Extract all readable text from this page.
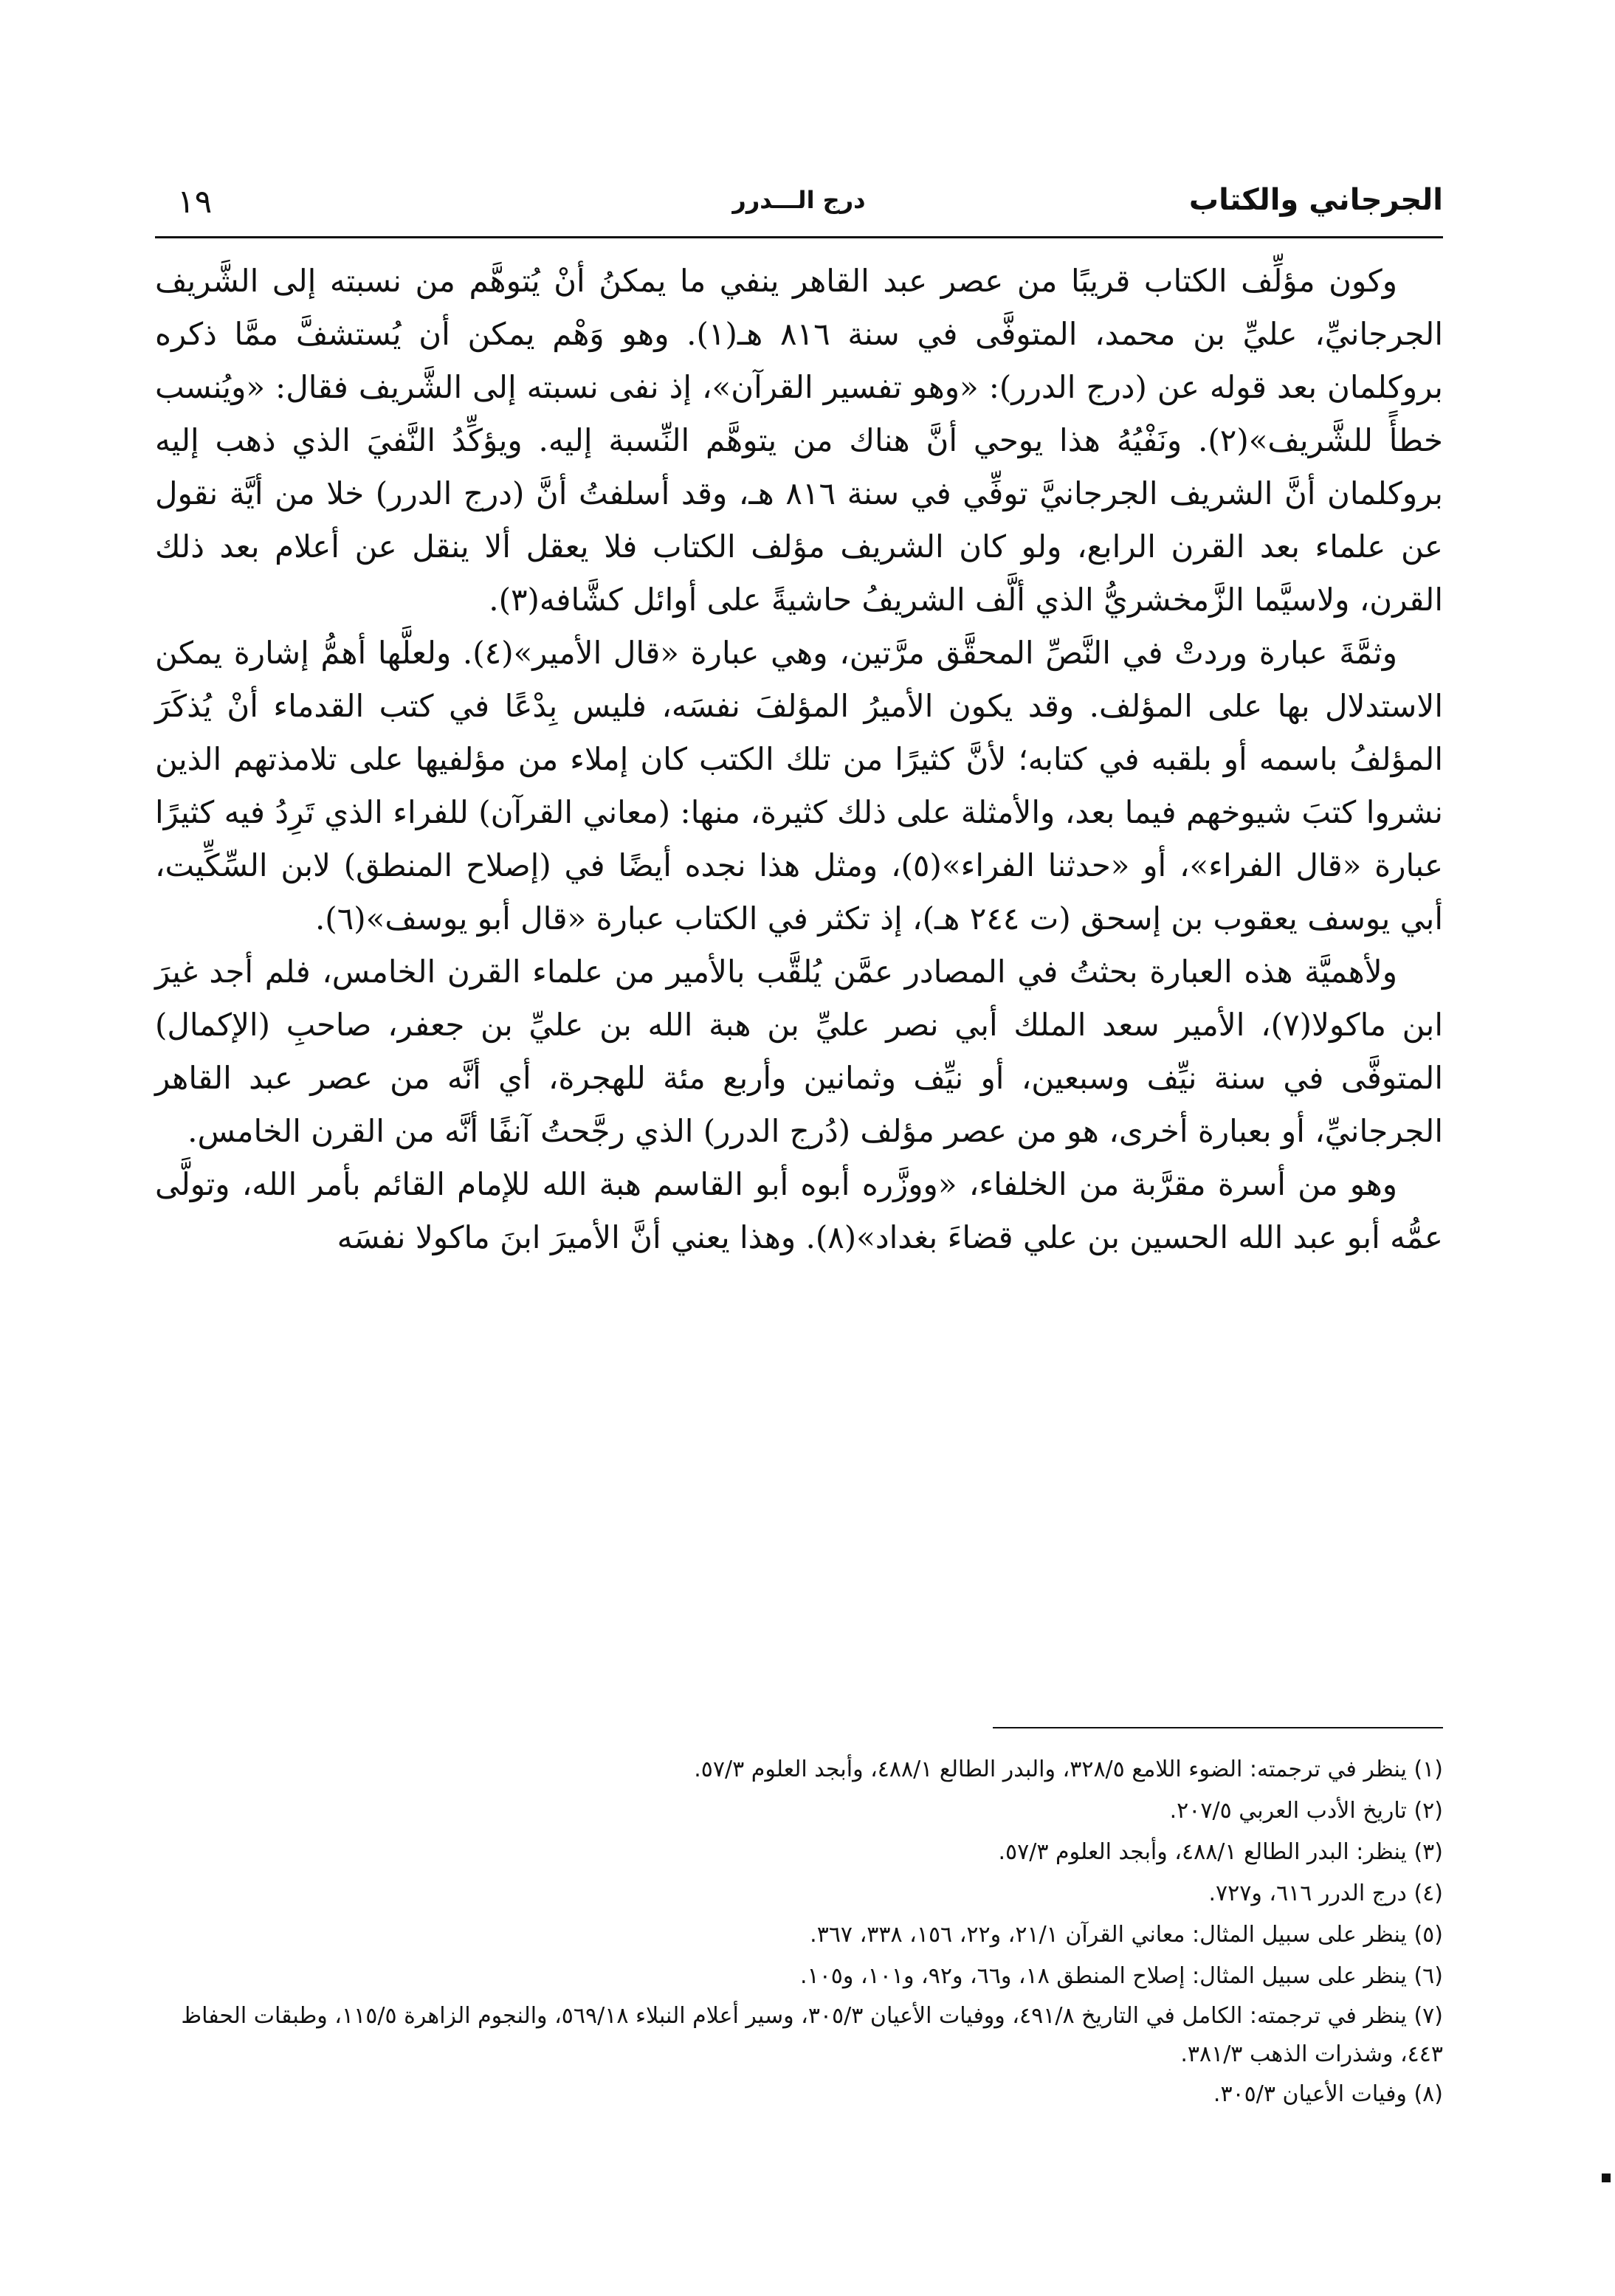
الجرجاني والكتاب
درج الـــدرر
١٩

وكون مؤلِّف الكتاب قريبًا من عصر عبد القاهر ينفي ما يمكنُ أنْ يُتوهَّم من نسبته إلى الشَّريف الجرجانيِّ، عليِّ بن محمد، المتوفَّى في سنة ٨١٦ هـ(١). وهو وَهْم يمكن أن يُستشفَّ ممَّا ذكره بروكلمان بعد قوله عن (درج الدرر): «وهو تفسير القرآن»، إذ نفى نسبته إلى الشَّريف فقال: «ويُنسب خطأً للشَّريف»(٢). ونَفْيُهُ هذا يوحي أنَّ هناك من يتوهَّم النِّسبة إليه. ويؤكِّدُ النَّفيَ الذي ذهب إليه بروكلمان أنَّ الشريف الجرجانيَّ توفِّي في سنة ٨١٦ هـ، وقد أسلفتُ أنَّ (درج الدرر) خلا من أيَّة نقول عن علماء بعد القرن الرابع، ولو كان الشريف مؤلف الكتاب فلا يعقل ألا ينقل عن أعلام بعد ذلك القرن، ولاسيَّما الزَّمخشريُّ الذي ألَّف الشريفُ حاشيةً على أوائل كشَّافه(٣).

وثمَّةَ عبارة وردتْ في النَّصِّ المحقَّق مرَّتين، وهي عبارة «قال الأمير»(٤). ولعلَّها أهمُّ إشارة يمكن الاستدلال بها على المؤلف. وقد يكون الأميرُ المؤلفَ نفسَه، فليس بِدْعًا في كتب القدماء أنْ يُذكَرَ المؤلفُ باسمه أو بلقبه في كتابه؛ لأنَّ كثيرًا من تلك الكتب كان إملاء من مؤلفيها على تلامذتهم الذين نشروا كتبَ شيوخهم فيما بعد، والأمثلة على ذلك كثيرة، منها: (معاني القرآن) للفراء الذي تَرِدُ فيه كثيرًا عبارة «قال الفراء»، أو «حدثنا الفراء»(٥)، ومثل هذا نجده أيضًا في (إصلاح المنطق) لابن السِّكِّيت، أبي يوسف يعقوب بن إسحق (ت ٢٤٤ هـ)، إذ تكثر في الكتاب عبارة «قال أبو يوسف»(٦).

ولأهميَّة هذه العبارة بحثتُ في المصادر عمَّن يُلقَّب بالأمير من علماء القرن الخامس، فلم أجد غيرَ ابن ماكولا(٧)، الأمير سعد الملك أبي نصر عليِّ بن هبة الله بن عليِّ بن جعفر، صاحبِ (الإكمال) المتوفَّى في سنة نيِّف وسبعين، أو نيِّف وثمانين وأربع مئة للهجرة، أي أنَّه من عصر عبد القاهر الجرجانيِّ، أو بعبارة أخرى، هو من عصر مؤلف (دُرج الدرر) الذي رجَّحتُ آنفًا أنَّه من القرن الخامس.

وهو من أسرة مقرَّبة من الخلفاء، «ووزَّره أبوه أبو القاسم هبة الله للإمام القائم بأمر الله، وتولَّى عمُّه أبو عبد الله الحسين بن علي قضاءَ بغداد»(٨). وهذا يعني أنَّ الأميرَ ابنَ ماكولا نفسَه

(١) ينظر في ترجمته: الضوء اللامع ٣٢٨/٥، والبدر الطالع ٤٨٨/١، وأبجد العلوم ٥٧/٣.
(٢) تاريخ الأدب العربي ٢٠٧/٥.
(٣) ينظر: البدر الطالع ٤٨٨/١، وأبجد العلوم ٥٧/٣.
(٤) درج الدرر ٦١٦، و٧٢٧.
(٥) ينظر على سبيل المثال: معاني القرآن ٢١/١، و٢٢، ١٥٦، ٣٣٨، ٣٦٧.
(٦) ينظر على سبيل المثال: إصلاح المنطق ١٨، و٦٦، و٩٢، و١٠١، و١٠٥.
(٧) ينظر في ترجمته: الكامل في التاريخ ٤٩١/٨، ووفيات الأعيان ٣٠٥/٣، وسير أعلام النبلاء ٥٦٩/١٨، والنجوم الزاهرة ١١٥/٥، وطبقات الحفاظ ٤٤٣، وشذرات الذهب ٣٨١/٣.
(٨) وفيات الأعيان ٣٠٥/٣.
